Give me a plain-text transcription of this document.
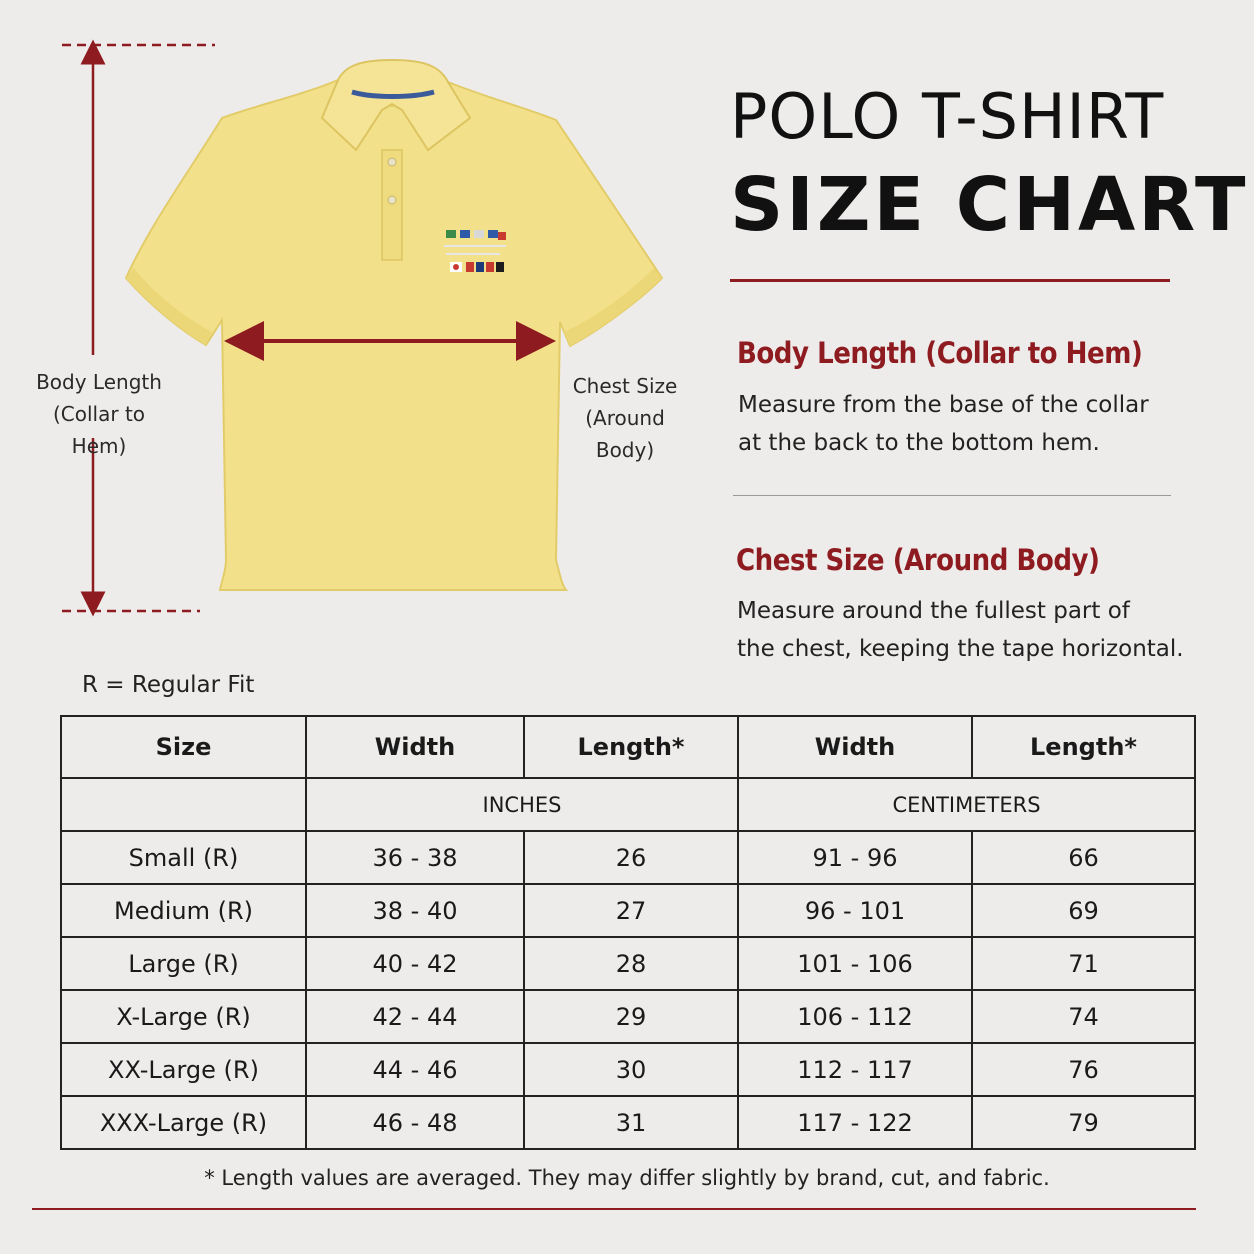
Body Length
(Collar to Hem)
Chest Size
(Around Body)
POLO T-SHIRT
SIZE CHART
Body Length (Collar to Hem)
Measure from the base of the collar
at the back to the bottom hem.
Chest Size (Around Body)
Measure around the fullest part of
the chest, keeping the tape horizontal.
R = Regular Fit
Size	Width	Length*	Width	Length*
	INCHES		CENTIMETERS	
Small (R)	36 - 38	26	91 - 96	66
Medium (R)	38 - 40	27	96 - 101	69
Large (R)	40 - 42	28	101 - 106	71
X-Large (R)	42 - 44	29	106 - 112	74
XX-Large (R)	44 - 46	30	112 - 117	76
XXX-Large (R)	46 - 48	31	117 - 122	79
* Length values are averaged. They may differ slightly by brand, cut, and fabric.
